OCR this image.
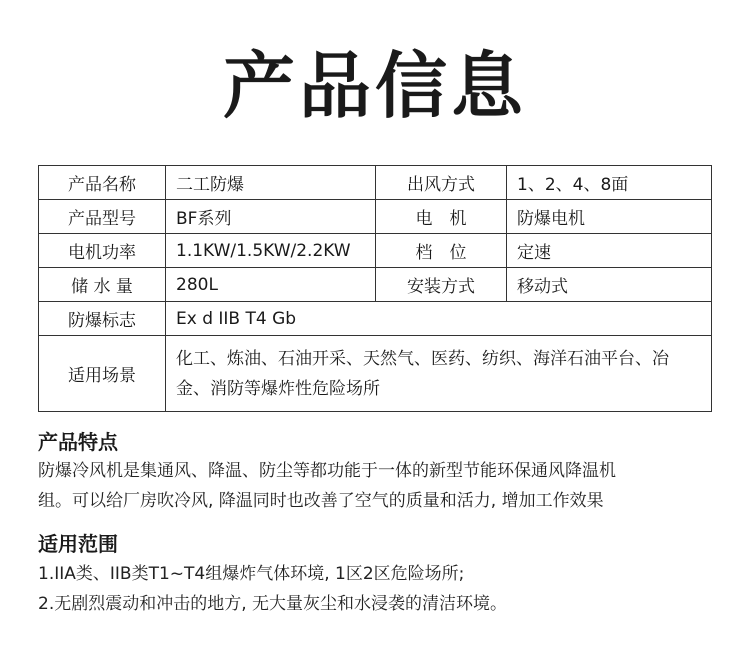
产品信息
产品名称	二工防爆	出风方式	1、2、4、8面
产品型号	BF系列	电　机	防爆电机
电机功率	1.1KW/1.5KW/2.2KW	档　位	定速
储 水 量	280L	安装方式	移动式
防爆标志	Ex d IIB T4 Gb		
适用场景	化工、炼油、石油开采、天然气、医药、纺织、海洋石油平台、冶金、消防等爆炸性危险场所		
产品特点
防爆冷风机是集通风、降温、防尘等都功能于一体的新型节能环保通风降温机
组。可以给厂房吹冷风, 降温同时也改善了空气的质量和活力, 增加工作效果
适用范围
1.IIA类、IIB类T1~T4组爆炸气体环境, 1区2区危险场所;
2.无剧烈震动和冲击的地方, 无大量灰尘和水浸袭的清洁环境。
